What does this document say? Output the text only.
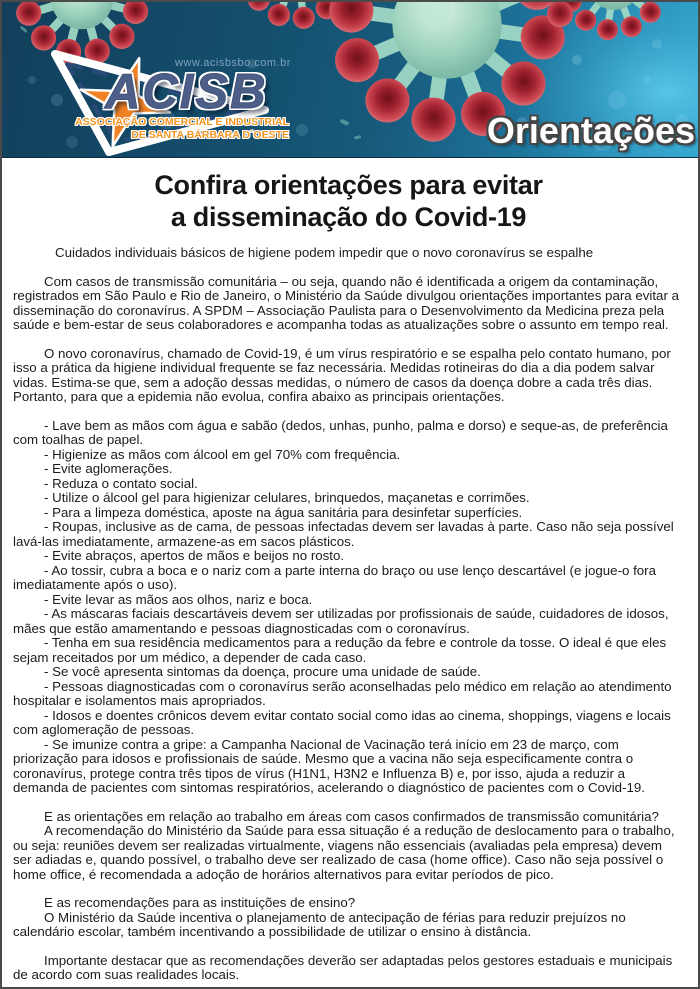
www.acisbsbo.com.br
ACISB
ASSOCIAÇÃO COMERCIAL E INDUSTRIAL
DE SANTA BÁRBARA D´OESTE	Orientações
Confira orientações para evitar
a disseminação do Covid-19

Cuidados individuais básicos de higiene podem impedir que o novo coronavírus se espalhe

Com casos de transmissão comunitária – ou seja, quando não é identificada a origem da contaminação, registrados em São Paulo e Rio de Janeiro, o Ministério da Saúde divulgou orientações importantes para evitar a disseminação do coronavírus. A SPDM – Associação Paulista para o Desenvolvimento da Medicina preza pela saúde e bem-estar de seus colaboradores e acompanha todas as atualizações sobre o assunto em tempo real.

O novo coronavírus, chamado de Covid-19, é um vírus respiratório e se espalha pelo contato humano, por isso a prática da higiene individual frequente se faz necessária. Medidas rotineiras do dia a dia podem salvar vidas. Estima-se que, sem a adoção dessas medidas, o número de casos da doença dobre a cada três dias. Portanto, para que a epidemia não evolua, confira abaixo as principais orientações.

- Lave bem as mãos com água e sabão (dedos, unhas, punho, palma e dorso) e seque-as, de preferência com toalhas de papel.

- Higienize as mãos com álcool em gel 70% com frequência.

- Evite aglomerações.

- Reduza o contato social.

- Utilize o álcool gel para higienizar celulares, brinquedos, maçanetas e corrimões.

- Para a limpeza doméstica, aposte na água sanitária para desinfetar superfícies.

- Roupas, inclusive as de cama, de pessoas infectadas devem ser lavadas à parte. Caso não seja possível lavá-las imediatamente, armazene-as em sacos plásticos.

- Evite abraços, apertos de mãos e beijos no rosto.

- Ao tossir, cubra a boca e o nariz com a parte interna do braço ou use lenço descartável (e jogue-o fora imediatamente após o uso).

- Evite levar as mãos aos olhos, nariz e boca.

- As máscaras faciais descartáveis devem ser utilizadas por profissionais de saúde, cuidadores de idosos, mães que estão amamentando e pessoas diagnosticadas com o coronavírus.

- Tenha em sua residência medicamentos para a redução da febre e controle da tosse. O ideal é que eles sejam receitados por um médico, a depender de cada caso.

- Se você apresenta sintomas da doença, procure uma unidade de saúde.

- Pessoas diagnosticadas com o coronavírus serão aconselhadas pelo médico em relação ao atendimento hospitalar e isolamentos mais apropriados.

- Idosos e doentes crônicos devem evitar contato social como idas ao cinema, shoppings, viagens e locais com aglomeração de pessoas.

- Se imunize contra a gripe: a Campanha Nacional de Vacinação terá início em 23 de março, com priorização para idosos e profissionais de saúde. Mesmo que a vacina não seja especificamente contra o coronavírus, protege contra três tipos de vírus (H1N1, H3N2 e Influenza B) e, por isso, ajuda a reduzir a demanda de pacientes com sintomas respiratórios, acelerando o diagnóstico de pacientes com o Covid-19.

E as orientações em relação ao trabalho em áreas com casos confirmados de transmissão comunitária?

A recomendação do Ministério da Saúde para essa situação é a redução de deslocamento para o trabalho, ou seja: reuniões devem ser realizadas virtualmente, viagens não essenciais (avaliadas pela empresa) devem ser adiadas e, quando possível, o trabalho deve ser realizado de casa (home office). Caso não seja possível o home office, é recomendada a adoção de horários alternativos para evitar períodos de pico.

E as recomendações para as instituições de ensino?

O Ministério da Saúde incentiva o planejamento de antecipação de férias para reduzir prejuízos no calendário escolar, também incentivando a possibilidade de utilizar o ensino à distância.

Importante destacar que as recomendações deverão ser adaptadas pelos gestores estaduais e municipais de acordo com suas realidades locais.
